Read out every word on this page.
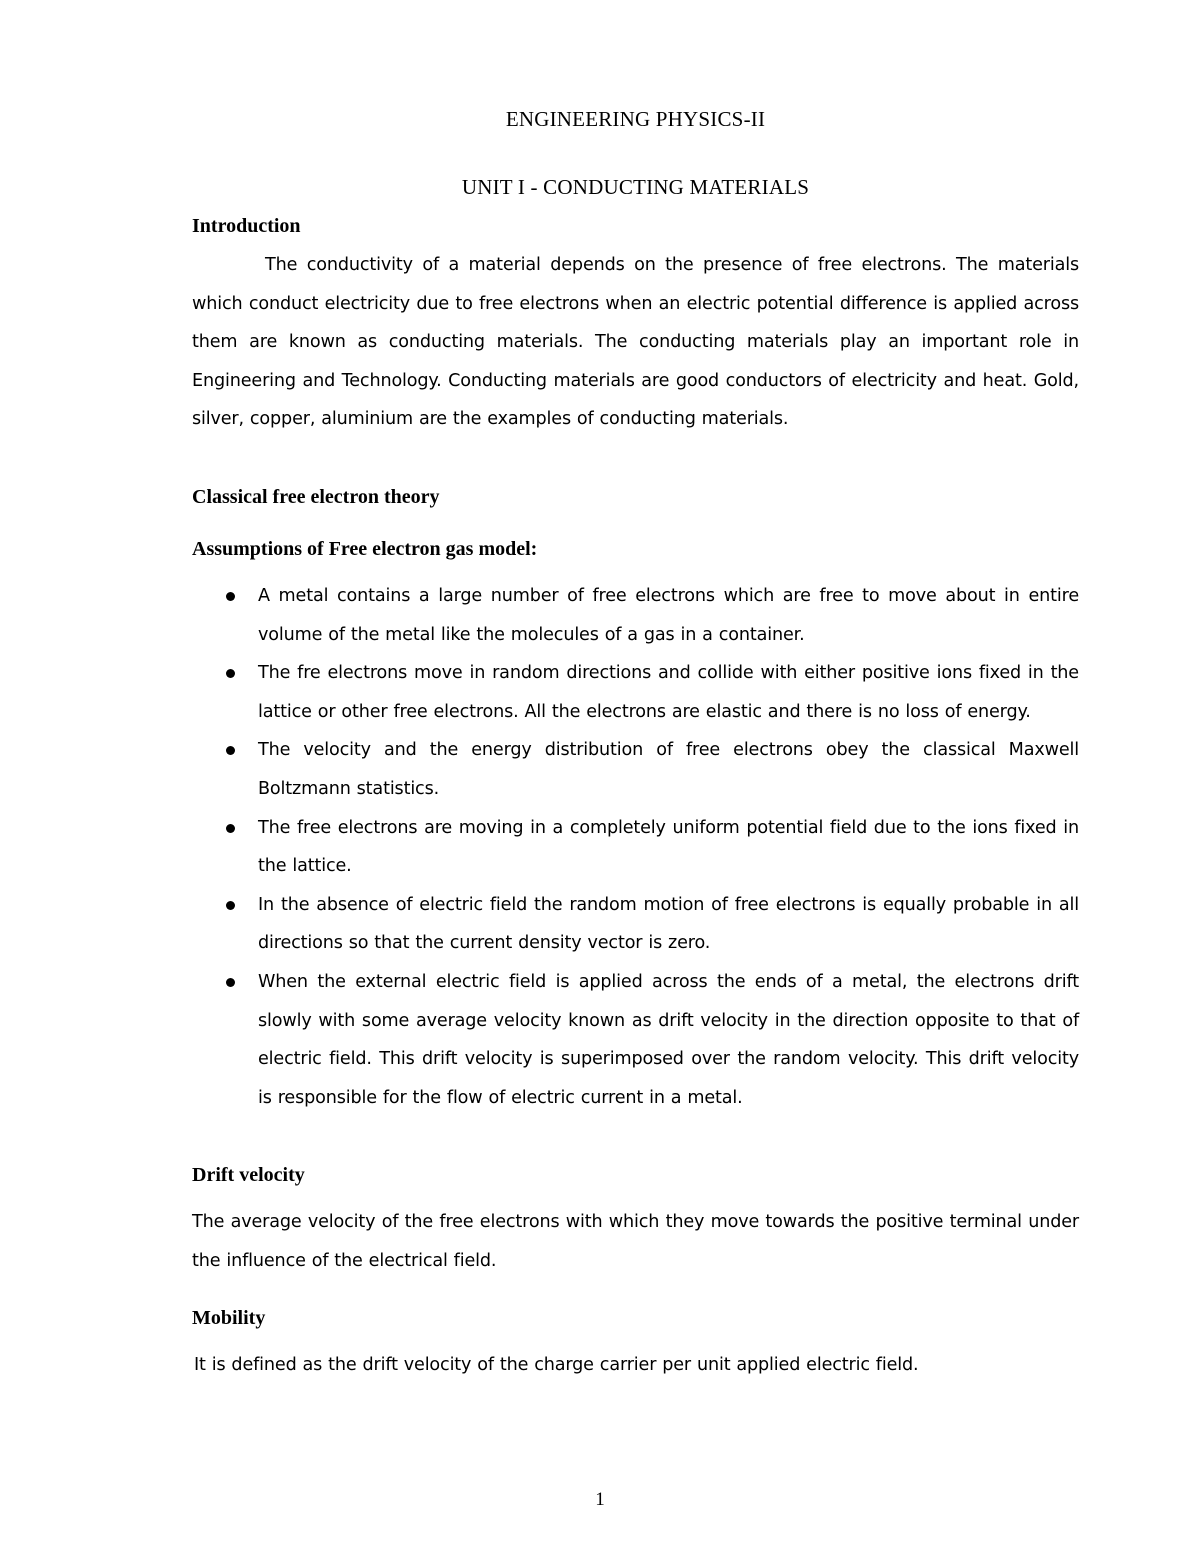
ENGINEERING PHYSICS-II
UNIT I - CONDUCTING MATERIALS
Introduction

The conductivity of a material depends on the presence of free electrons. The materials which conduct electricity due to free electrons when an electric potential difference is applied across them are known as conducting materials. The conducting materials play an important role in Engineering and Technology. Conducting materials are good conductors of electricity and heat. Gold, silver, copper, aluminium are the examples of conducting materials.

Classical free electron theory
Assumptions of Free electron gas model:
A metal contains a large number of free electrons which are free to move about in entire volume of the metal like the molecules of a gas in a container.
The fre electrons move in random directions and collide with either positive ions fixed in the lattice or other free electrons. All the electrons are elastic and there is no loss of energy.
The velocity and the energy distribution of free electrons obey the classical Maxwell Boltzmann statistics.
The free electrons are moving in a completely uniform potential field due to the ions fixed in the lattice.
In the absence of electric field the random motion of free electrons is equally probable in all directions so that the current density vector is zero.
When the external electric field is applied across the ends of a metal, the electrons drift slowly with some average velocity known as drift velocity in the direction opposite to that of electric field. This drift velocity is superimposed over the random velocity. This drift velocity is responsible for the flow of electric current in a metal.
Drift velocity

The average velocity of the free electrons with which they move towards the positive terminal under the influence of the electrical field.

Mobility

It is defined as the drift velocity of the charge carrier per unit applied electric field.

1
